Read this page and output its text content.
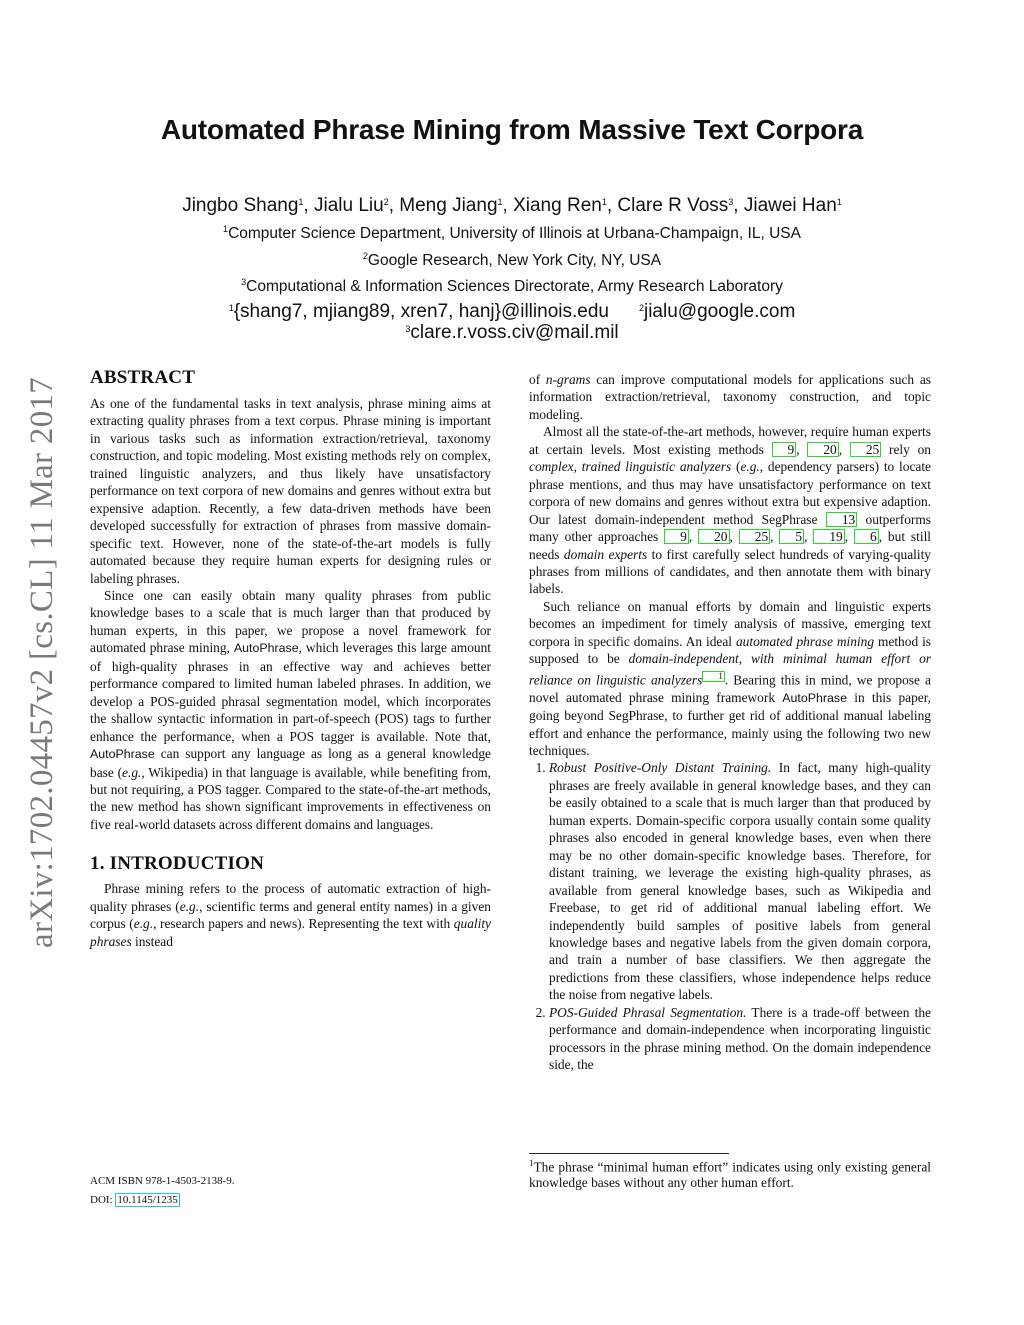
Automated Phrase Mining from Massive Text Corpora
Jingbo Shang$^1$, Jialu Liu$^2$, Meng Jiang$^1$, Xiang Ren$^1$, Clare R Voss$^3$, Jiawei Han$^1$
$^1$Computer Science Department, University of Illinois at Urbana-Champaign, IL, USA
$^2$Google Research, New York City, NY, USA
$^3$Computational & Information Sciences Directorate, Army Research Laboratory
$^1${shang7, mjiang89, xren7, hanj}@illinois.edu	$^2$jialu@google.com
$^3$clare.r.voss.civ@mail.mil
arXiv:1702.04457v2 [cs.CL] 11 Mar 2017 ABSTRACT

As one of the fundamental tasks in text analysis, phrase mining aims at extracting quality phrases from a text corpus. Phrase mining is important in various tasks such as information extraction/retrieval, taxonomy construction, and topic modeling. Most existing methods rely on complex, trained linguistic analyzers, and thus likely have unsatisfactory performance on text corpora of new domains and genres without extra but expensive adaption. Recently, a few data-driven methods have been developed successfully for extraction of phrases from massive domain-specific text. However, none of the state-of-the-art models is fully automated because they require human experts for designing rules or labeling phrases.

Since one can easily obtain many quality phrases from public knowledge bases to a scale that is much larger than that produced by human experts, in this paper, we propose a novel framework for automated phrase mining, AutoPhrase, which leverages this large amount of high-quality phrases in an effective way and achieves better performance compared to limited human labeled phrases. In addition, we develop a POS-guided phrasal segmentation model, which incorporates the shallow syntactic information in part-of-speech (POS) tags to further enhance the performance, when a POS tagger is available. Note that, AutoPhrase can support any language as long as a general knowledge base (e.g., Wikipedia) in that language is available, while benefiting from, but not requiring, a POS tagger. Compared to the state-of-the-art methods, the new method has shown significant improvements in effectiveness on five real-world datasets across different domains and languages.

1. INTRODUCTION

Phrase mining refers to the process of automatic extraction of high-quality phrases (e.g., scientific terms and general entity names) in a given corpus (e.g., research papers and news). Representing the text with quality phrases instead

of n-grams can improve computational models for applications such as information extraction/retrieval, taxonomy construction, and topic modeling.

Almost all the state-of-the-art methods, however, require human experts at certain levels. Most existing methods 9 , 20 , 25 rely on complex, trained linguistic analyzers (e.g., dependency parsers) to locate phrase mentions, and thus may have unsatisfactory performance on text corpora of new domains and genres without extra but expensive adaption. Our latest domain-independent method SegPhrase 13 outperforms many other approaches 9 , 20 , 25 , 5 , 19 , 6 , but still needs domain experts to first carefully select hundreds of varying-quality phrases from millions of candidates, and then annotate them with binary labels.

Such reliance on manual efforts by domain and linguistic experts becomes an impediment for timely analysis of massive, emerging text corpora in specific domains. An ideal automated phrase mining method is supposed to be domain-independent, with minimal human effort or reliance on linguistic analyzers $^1$ . Bearing this in mind, we propose a novel automated phrase mining framework AutoPhrase in this paper, going beyond SegPhrase, to further get rid of additional manual labeling effort and enhance the performance, mainly using the following two new techniques.

1. Robust Positive-Only Distant Training. In fact, many high-quality phrases are freely available in general knowledge bases, and they can be easily obtained to a scale that is much larger than that produced by human experts. Domain-specific corpora usually contain some quality phrases also encoded in general knowledge bases, even when there may be no other domain-specific knowledge bases. Therefore, for distant training, we leverage the existing high-quality phrases, as available from general knowledge bases, such as Wikipedia and Freebase, to get rid of additional manual labeling effort. We independently build samples of positive labels from general knowledge bases and negative labels from the given domain corpora, and train a number of base classifiers. We then aggregate the predictions from these classifiers, whose independence helps reduce the noise from negative labels.
2. POS-Guided Phrasal Segmentation. There is a trade-off between the performance and domain-independence when incorporating linguistic processors in the phrase mining method. On the domain independence side, the
$^1$The phrase “minimal human effort” indicates using only existing general knowledge bases without any other human effort.
ACM ISBN 978-1-4503-2138-9.
DOI: 10.1145/1235
